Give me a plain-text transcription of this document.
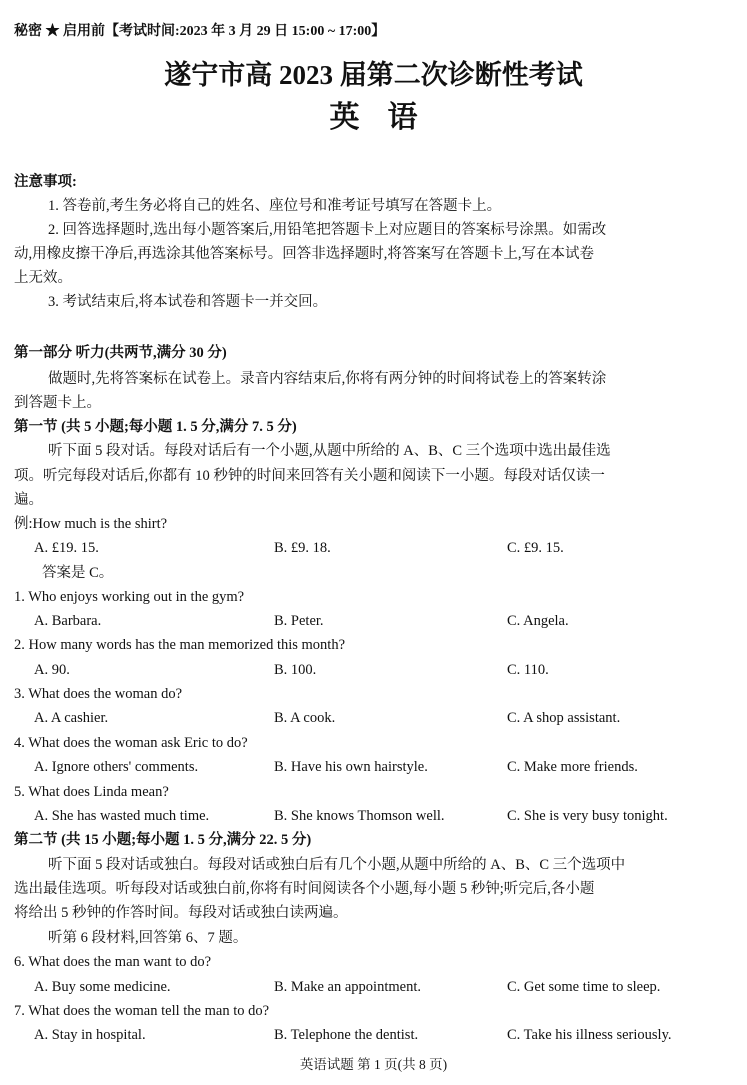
秘密 ★ 启用前【考试时间:2023 年 3 月 29 日 15:00 ~ 17:00】
遂宁市高 2023 届第二次诊断性考试
英语
注意事项:
1. 答卷前,考生务必将自己的姓名、座位号和准考证号填写在答题卡上。
2. 回答选择题时,选出每小题答案后,用铅笔把答题卡上对应题目的答案标号涂黑。如需改
动,用橡皮擦干净后,再选涂其他答案标号。回答非选择题时,将答案写在答题卡上,写在本试卷
上无效。
3. 考试结束后,将本试卷和答题卡一并交回。
第一部分 听力(共两节,满分 30 分)
做题时,先将答案标在试卷上。录音内容结束后,你将有两分钟的时间将试卷上的答案转涂
到答题卡上。
第一节 (共 5 小题;每小题 1. 5 分,满分 7. 5 分)
听下面 5 段对话。每段对话后有一个小题,从题中所给的 A、B、C 三个选项中选出最佳选
项。听完每段对话后,你都有 10 秒钟的时间来回答有关小题和阅读下一小题。每段对话仅读一
遍。
例:How much is the shirt?
A. £19. 15.	B. £9. 18.	C. £9. 15.
答案是 C。
1. Who enjoys working out in the gym?
A. Barbara.	B. Peter.	C. Angela.
2. How many words has the man memorized this month?
A. 90.	B. 100.	C. 110.
3. What does the woman do?
A. A cashier.	B. A cook.	C. A shop assistant.
4. What does the woman ask Eric to do?
A. Ignore others' comments.	B. Have his own hairstyle.	C. Make more friends.
5. What does Linda mean?
A. She has wasted much time.	B. She knows Thomson well.	C. She is very busy tonight.
第二节 (共 15 小题;每小题 1. 5 分,满分 22. 5 分)
听下面 5 段对话或独白。每段对话或独白后有几个小题,从题中所给的 A、B、C 三个选项中
选出最佳选项。听每段对话或独白前,你将有时间阅读各个小题,每小题 5 秒钟;听完后,各小题
将给出 5 秒钟的作答时间。每段对话或独白读两遍。
听第 6 段材料,回答第 6、7 题。
6. What does the man want to do?
A. Buy some medicine.	B. Make an appointment.	C. Get some time to sleep.
7. What does the woman tell the man to do?
A. Stay in hospital.	B. Telephone the dentist.	C. Take his illness seriously.
英语试题 第 1 页(共 8 页)
